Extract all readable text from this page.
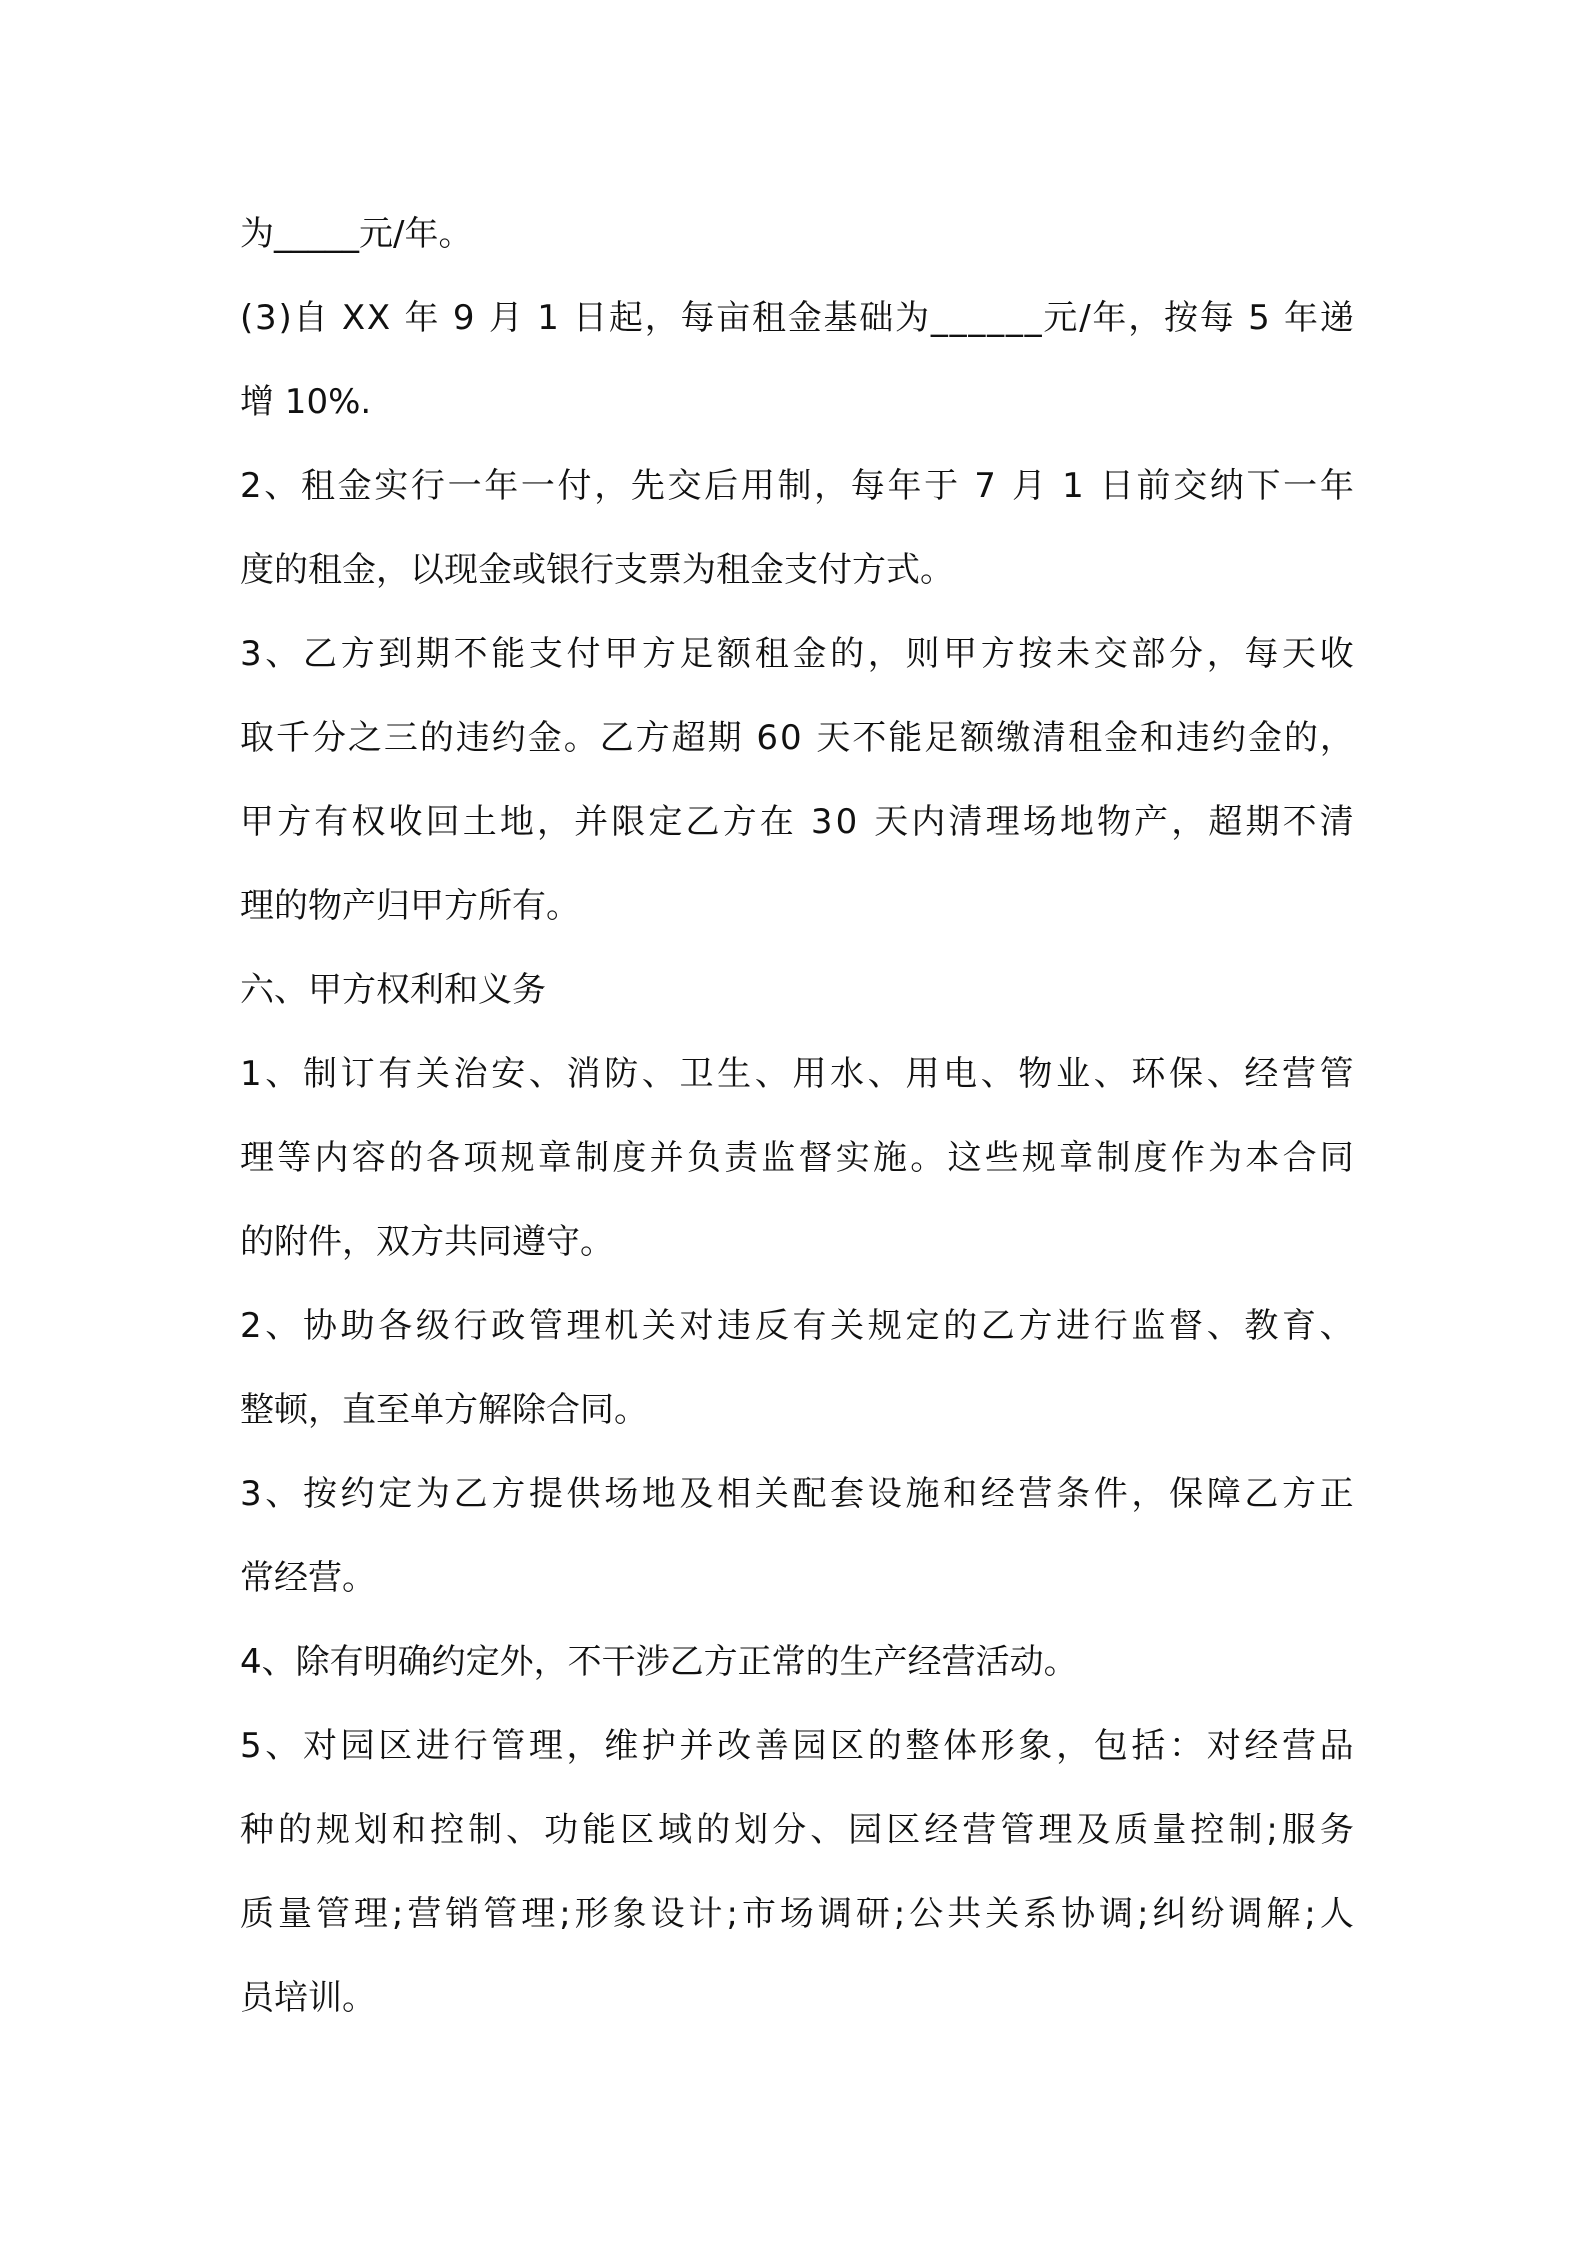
为_____元/年。
( 3 ) 自
X X
年
9
月
1
日 起 ， 每 亩 租 金 基 础 为 _ _ _ _ _ _ 元 / 年 ， 按 每
5
年 递
增 10%.
2 、 租 金 实 行 一 年 一 付 ， 先 交 后 用 制 ， 每 年 于
7
月
1
日 前 交 纳 下 一 年
度的租金，以现金或银行支票为租金支付方式。
3 、 乙 方 到 期 不 能 支 付 甲 方 足 额 租 金 的 ， 则 甲 方 按 未 交 部 分 ， 每 天 收
取 千 分 之 三 的 违 约 金 。 乙 方 超 期
6 0
天 不 能 足 额 缴 清 租 金 和 违 约 金 的 ，
甲 方 有 权 收 回 土 地 ， 并 限 定 乙 方 在
3 0
天 内 清 理 场 地 物 产 ， 超 期 不 清
理的物产归甲方所有。
六、甲方权利和义务
1 、 制 订 有 关 治 安 、 消 防 、 卫 生 、 用 水 、 用 电 、 物 业 、 环 保 、 经 营 管
理 等 内 容 的 各 项 规 章 制 度 并 负 责 监 督 实 施 。 这 些 规 章 制 度 作 为 本 合 同
的附件，双方共同遵守。
2 、 协 助 各 级 行 政 管 理 机 关 对 违 反 有 关 规 定 的 乙 方 进 行 监 督 、 教 育 、
整顿，直至单方解除合同。
3 、 按 约 定 为 乙 方 提 供 场 地 及 相 关 配 套 设 施 和 经 营 条 件 ， 保 障 乙 方 正
常经营。
4、除有明确约定外，不干涉乙方正常的生产经营活动。
5 、 对 园 区 进 行 管 理 ， 维 护 并 改 善 园 区 的 整 体 形 象 ， 包 括 ： 对 经 营 品
种 的 规 划 和 控 制 、 功 能 区 域 的 划 分 、 园 区 经 营 管 理 及 质 量 控 制 ; 服 务
质 量 管 理 ; 营 销 管 理 ; 形 象 设 计 ; 市 场 调 研 ; 公 共 关 系 协 调 ; 纠 纷 调 解 ; 人
员培训。
